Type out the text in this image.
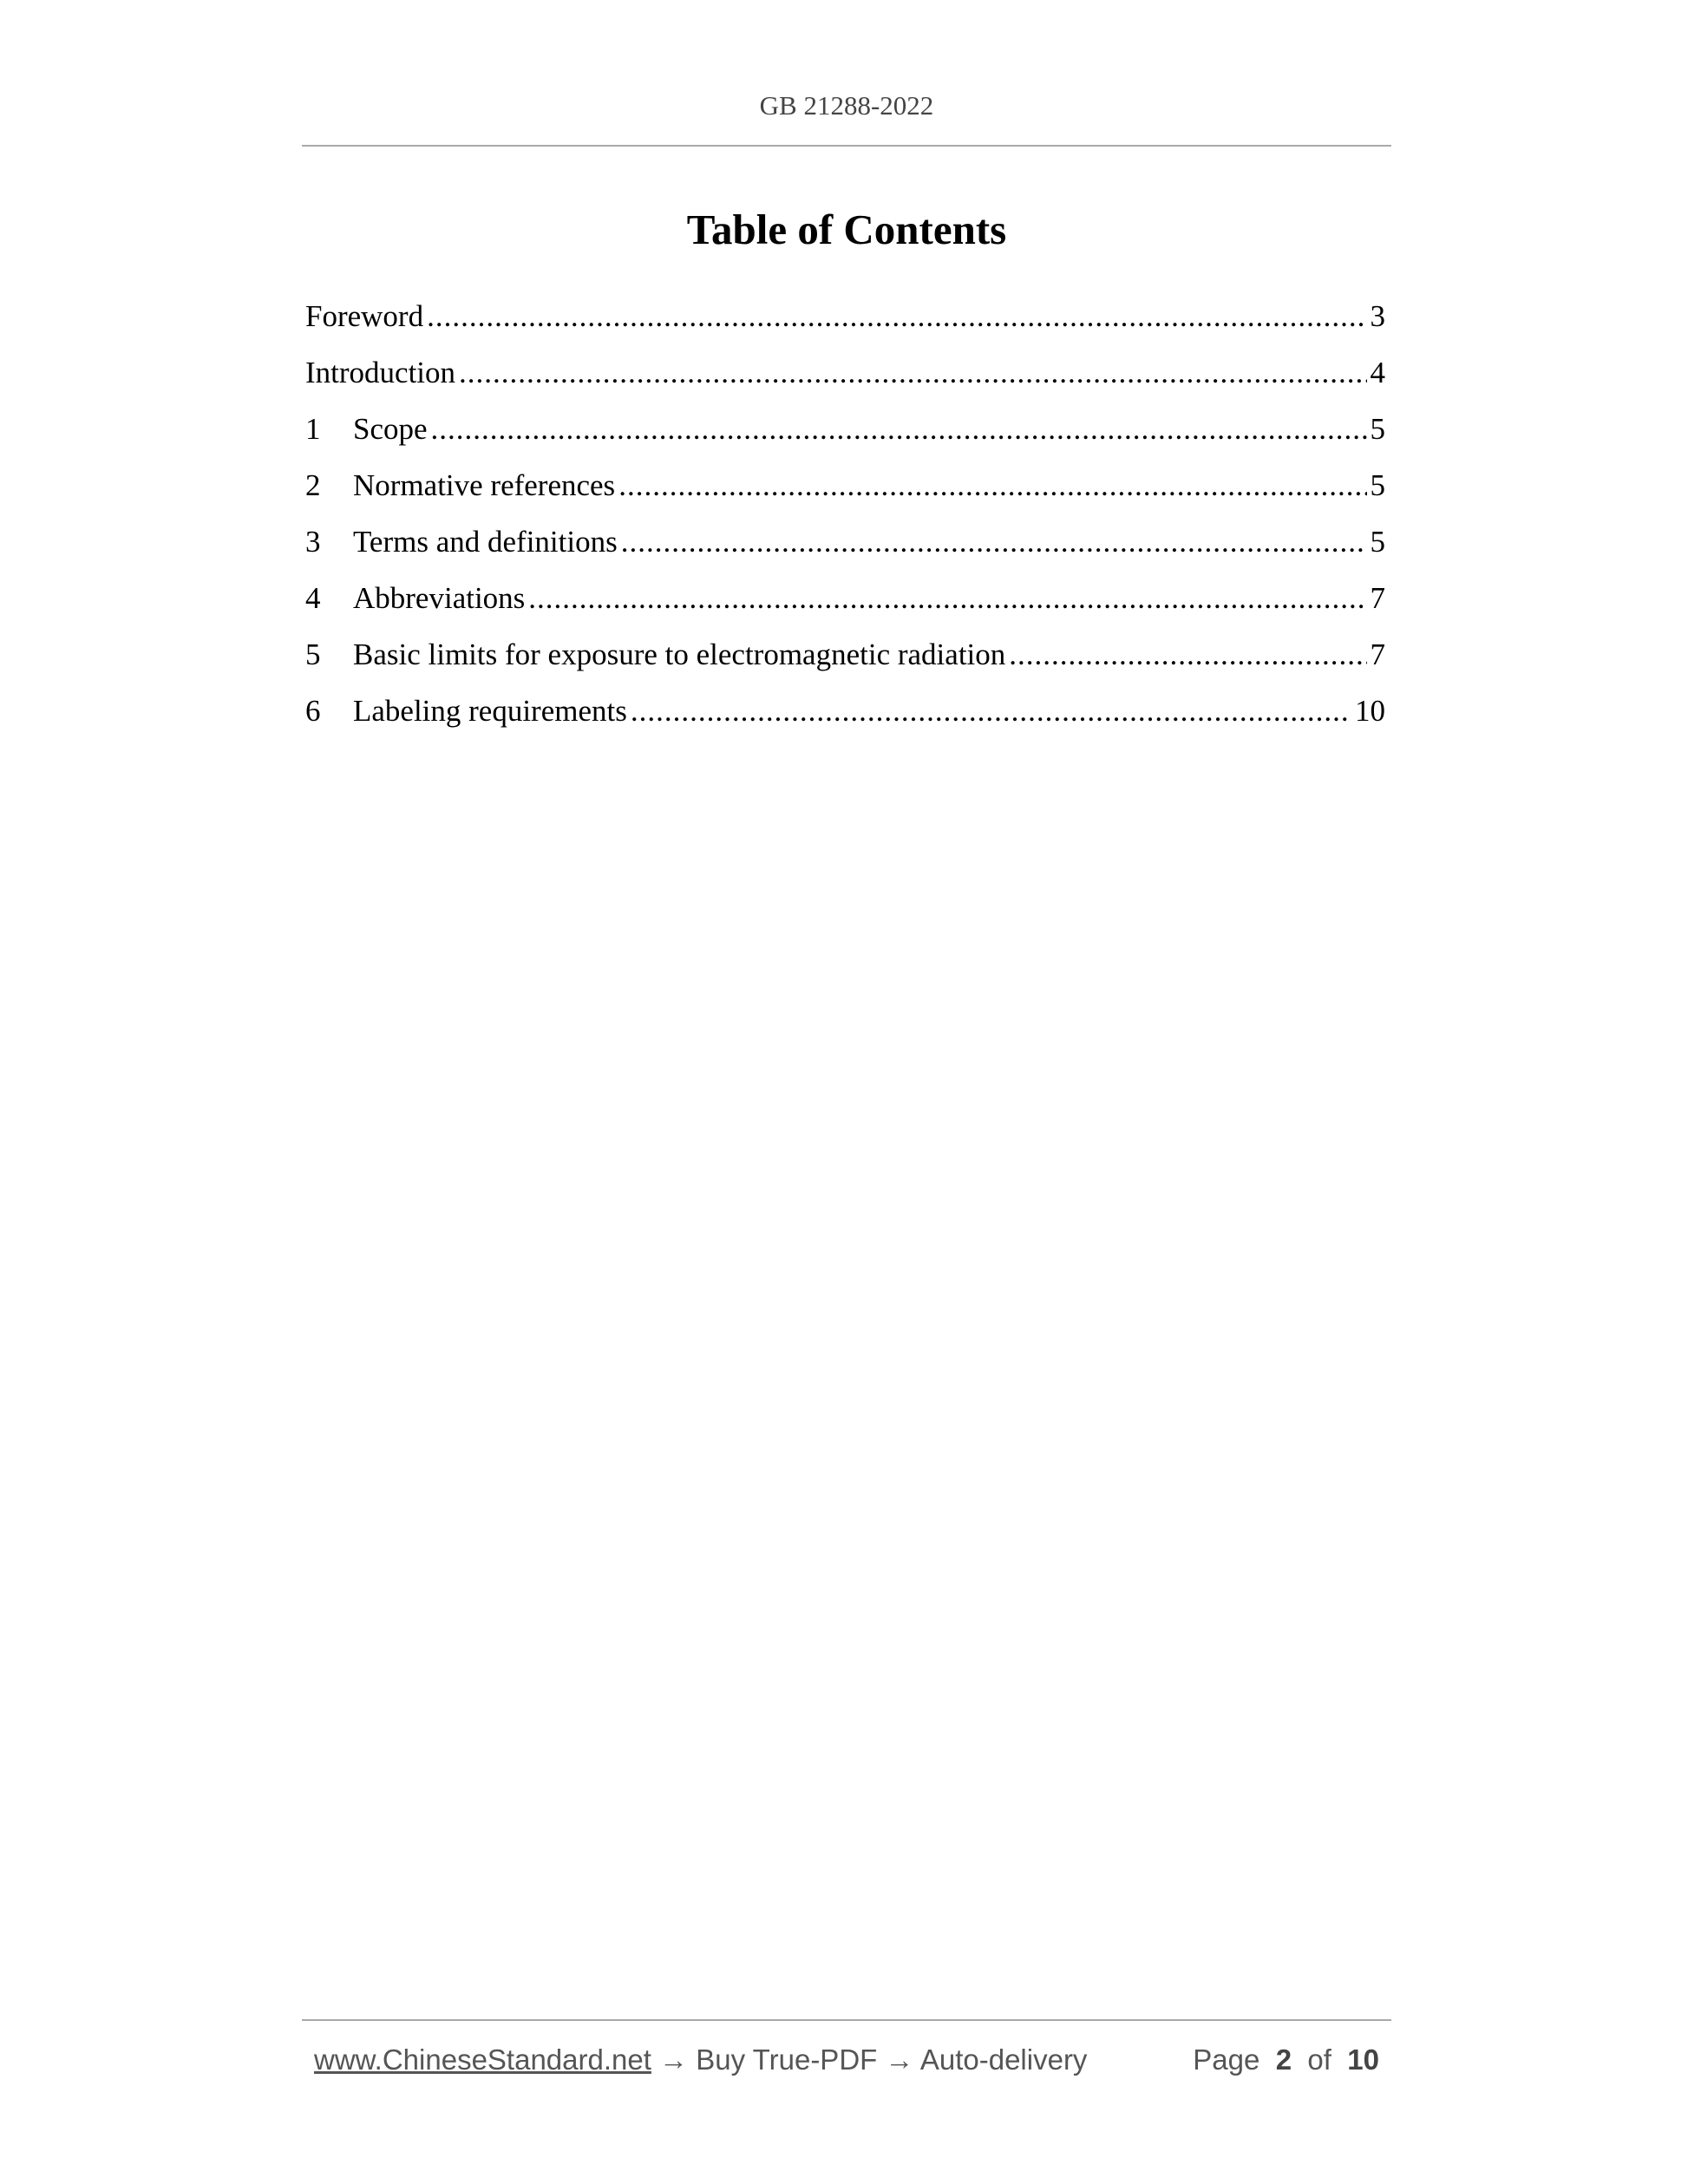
GB 21288-2022
Table of Contents
Foreword .....	3
Introduction .....	4
1	Scope .....	5
2	Normative references .....	5
3	Terms and definitions .....	5
4	Abbreviations .....	7
5	Basic limits for exposure to electromagnetic radiation .....	7
6	Labeling requirements .....	10
www.ChineseStandard.net → Buy True-PDF → Auto-delivery	Page 2 of 10
